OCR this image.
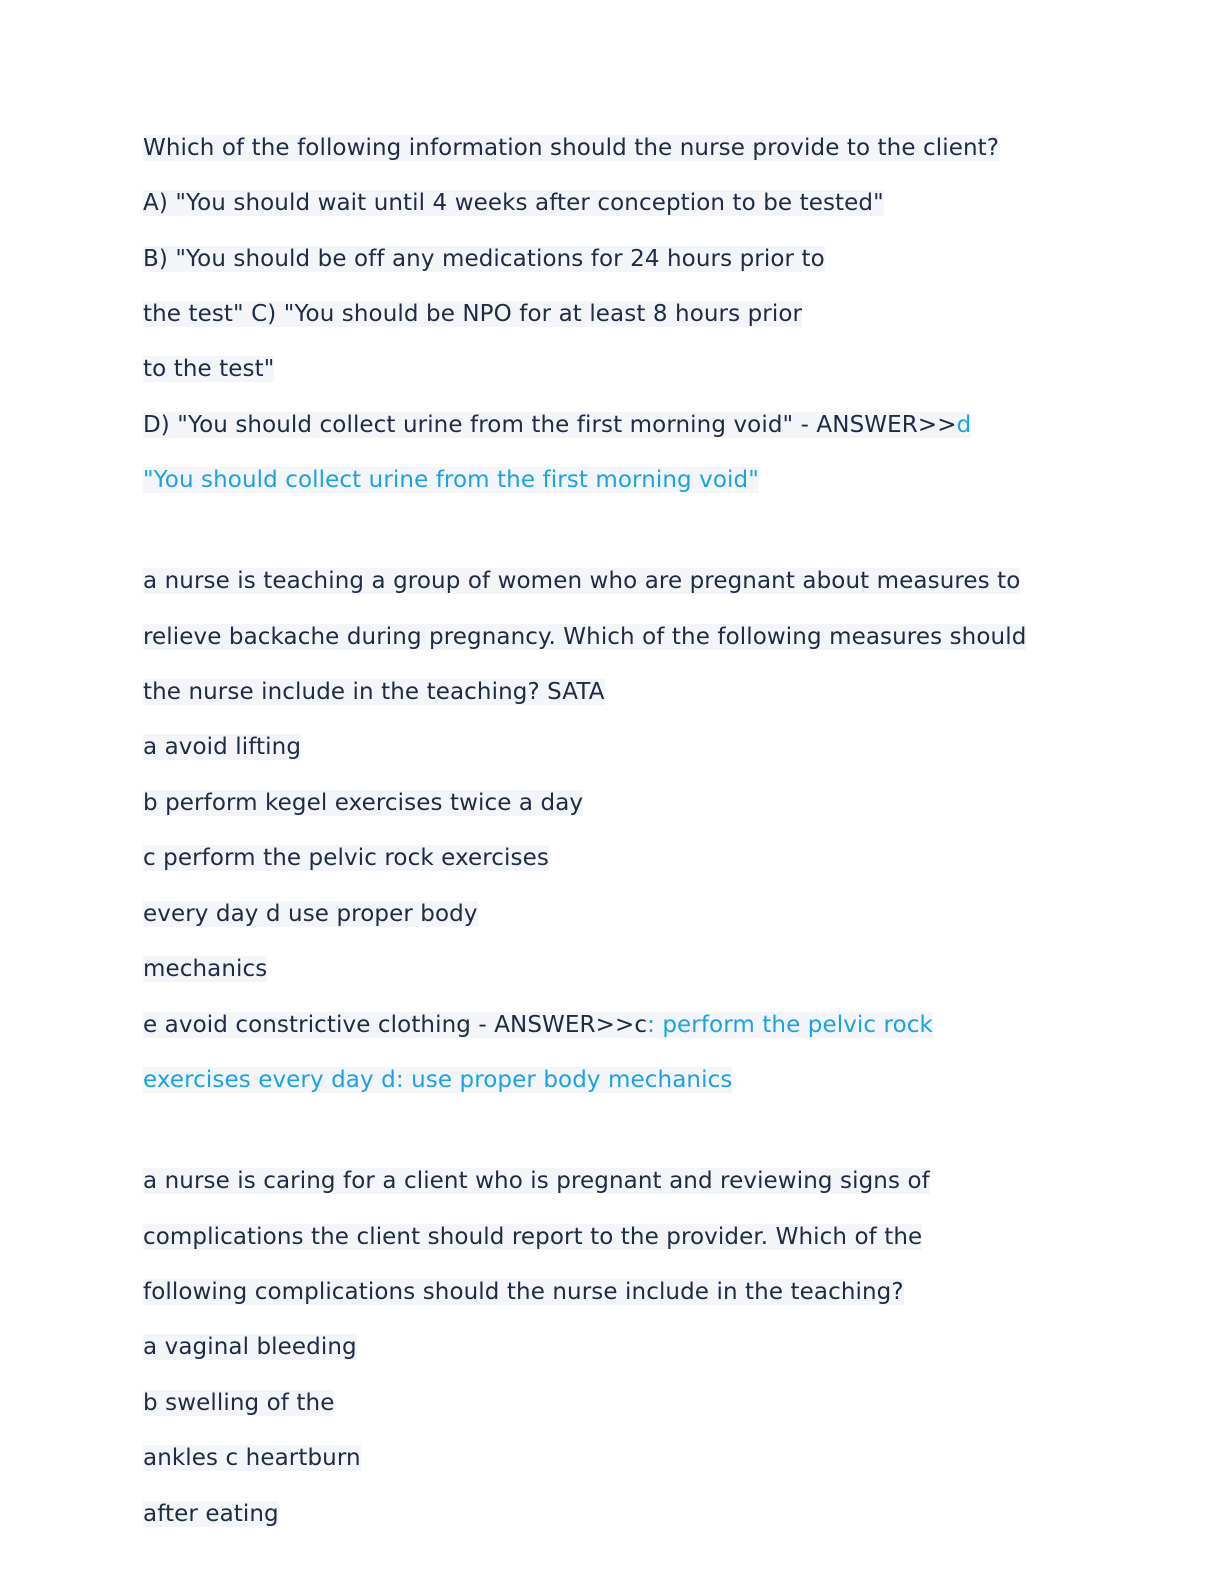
Which of the following information should the nurse provide to the client?
A) "You should wait until 4 weeks after conception to be tested"
B) "You should be off any medications for 24 hours prior to
the test" C) "You should be NPO for at least 8 hours prior
to the test"
D) "You should collect urine from the first morning void" - ANSWER>>d
"You should collect urine from the first morning void"
a nurse is teaching a group of women who are pregnant about measures to
relieve backache during pregnancy. Which of the following measures should
the nurse include in the teaching? SATA
a avoid lifting
b perform kegel exercises twice a day
c perform the pelvic rock exercises
every day d use proper body
mechanics
e avoid constrictive clothing - ANSWER>>c: perform the pelvic rock
exercises every day d: use proper body mechanics
a nurse is caring for a client who is pregnant and reviewing signs of
complications the client should report to the provider. Which of the
following complications should the nurse include in the teaching?
a vaginal bleeding
b swelling of the
ankles c heartburn
after eating
